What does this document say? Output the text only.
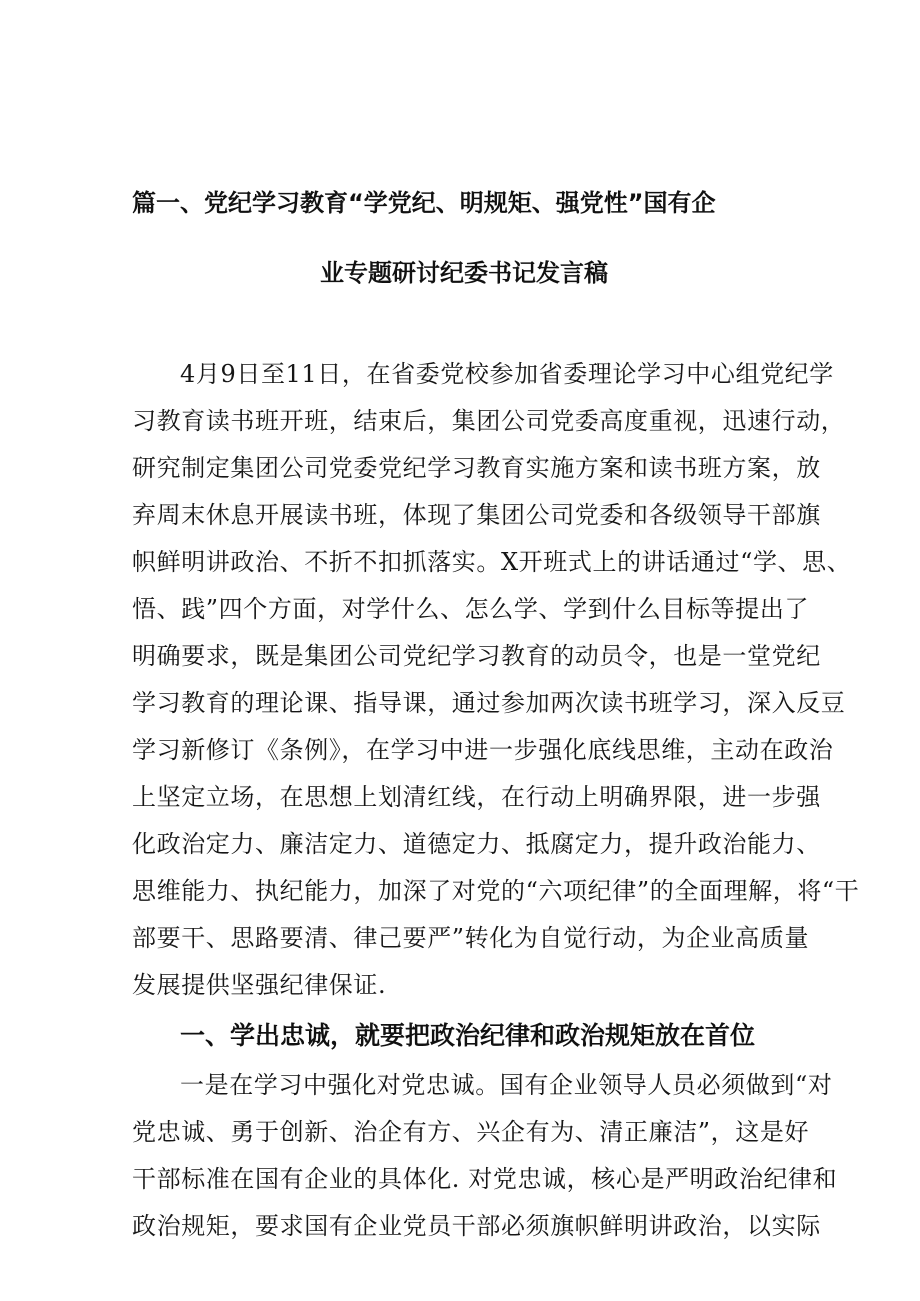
篇一、党纪学习教育“学党纪、明规矩、强党性”国有企
业专题研讨纪委书记发言稿
4月9日至11日，在省委党校参加省委理论学习中心组党纪学
习教育读书班开班，结束后，集团公司党委高度重视，迅速行动，
研究制定集团公司党委党纪学习教育实施方案和读书班方案，放
弃周末休息开展读书班，体现了集团公司党委和各级领导干部旗
帜鲜明讲政治、不折不扣抓落实。X开班式上的讲话通过“学、思、
悟、践”四个方面，对学什么、怎么学、学到什么目标等提出了
明确要求，既是集团公司党纪学习教育的动员令，也是一堂党纪
学习教育的理论课、指导课，通过参加两次读书班学习，深入反豆
学习新修订《条例》，在学习中进一步强化底线思维，主动在政治
上坚定立场，在思想上划清红线，在行动上明确界限，进一步强
化政治定力、廉洁定力、道德定力、抵腐定力，提升政治能力、
思维能力、执纪能力，加深了对党的“六项纪律”的全面理解，将“干
部要干、思路要清、律己要严”转化为自觉行动，为企业高质量
发展提供坚强纪律保证.
一、学出忠诚，就要把政治纪律和政治规矩放在首位
一是在学习中强化对党忠诚。国有企业领导人员必须做到“对
党忠诚、勇于创新、治企有方、兴企有为、清正廉洁”，这是好
干部标准在国有企业的具体化. 对党忠诚，核心是严明政治纪律和
政治规矩，要求国有企业党员干部必须旗帜鲜明讲政治，以实际
